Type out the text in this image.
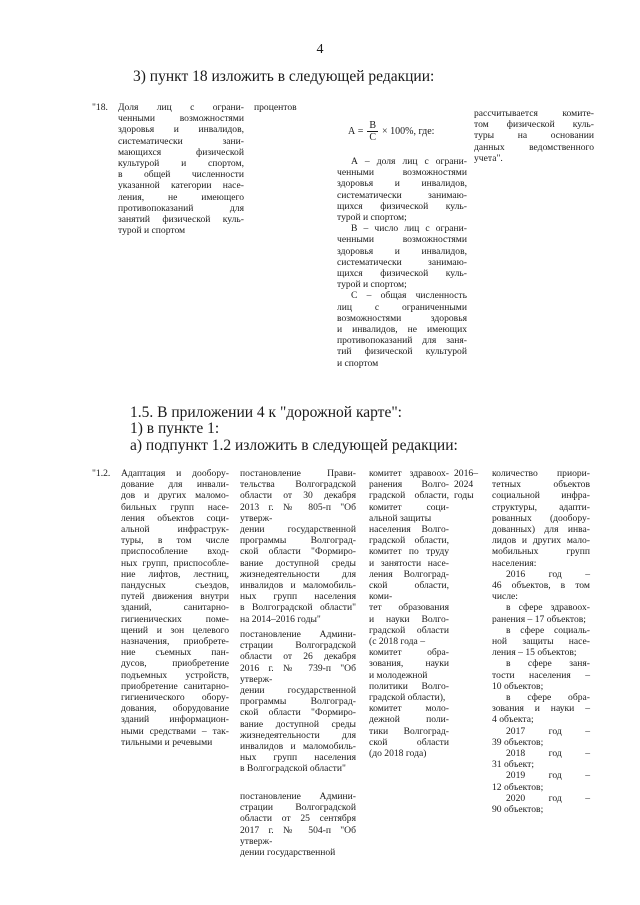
4
3) пункт 18 изложить в следующей редакции:
"18. Доля лиц с ограни-
ченными возможностями
здоровья и инвалидов,
систематически зани-
мающихся физической
культурой и спортом,
в общей численности
указанной категории насе-
ления, не имеющего
противопоказаний для
занятий физической куль-
турой и спортом
процентов
$А = \frac{В}{С} \times 100\%$, где:
А – доля лиц с ограни-
ченными возможностями
здоровья и инвалидов,
систематически занимаю-
щихся физической куль-
турой и спортом;
В – число лиц с ограни-
ченными возможностями
здоровья и инвалидов,
систематически занимаю-
щихся физической куль-
турой и спортом;
С – общая численность
лиц с ограниченными
возможностями здоровья
и инвалидов, не имеющих
противопоказаний для заня-
тий физической культурой
и спортом
рассчитывается комите-
том физической куль-
туры на основании
данных ведомственного
учета".
1.5. В приложении 4 к "дорожной карте":
1) в пункте 1:
а) подпункт 1.2 изложить в следующей редакции:
"1.2. Адаптация и дообору-
дование для инвали-
дов и других маломо-
бильных групп насе-
ления объектов соци-
альной инфраструк-
туры, в том числе
приспособление вход-
ных групп, приспособле-
ние лифтов, лестниц,
пандусных съездов,
путей движения внутри
зданий, санитарно-
гигиенических поме-
щений и зон целевого
назначения, приобрете-
ние съемных пан-
дусов, приобретение
подъемных устройств,
приобретение санитарно-
гигиенического обору-
дования, оборудование
зданий информацион-
ными средствами – так-
тильными и речевыми
постановление Прави-
тельства Волгоградской
области от 30 декабря
2013 г. № 805-п "Об утверж-
дении государственной
программы Волгоград-
ской области "Формиро-
вание доступной среды
жизнедеятельности для
инвалидов и маломобиль-
ных групп населения
в Волгоградской области"
на 2014–2016 годы"
постановление Админи-
страции Волгоградской
области от 26 декабря
2016 г. № 739-п "Об утверж-
дении государственной
программы Волгоград-
ской области "Формиро-
вание доступной среды
жизнедеятельности для
инвалидов и маломобиль-
ных групп населения
в Волгоградской области"
постановление Админи-
страции Волгоградской
области от 25 сентября
2017 г. № 504-п "Об утверж-
дении государственной
комитет здравоох-
ранения Волго-
градской области,
комитет соци-
альной защиты
населения Волго-
градской области,
комитет по труду
и занятости насе-
ления Волгоград-
ской области, коми-
тет образования
и науки Волго-
градской области
(с 2018 года –
комитет обра-
зования, науки
и молодежной
политики Волго-
градской области),
комитет моло-
дежной поли-
тики Волгоград-
ской области
(до 2018 года)
2016–
2024
годы
количество приори-
тетных объектов
социальной инфра-
структуры, адапти-
рованных (дообору-
дованных) для инва-
лидов и других мало-
мобильных групп
населения:
2016 год –
46 объектов, в том
числе:
в сфере здравоох-
ранения – 17 объектов;
в сфере социаль-
ной защиты насе-
ления – 15 объектов;
в сфере заня-
тости населения –
10 объектов;
в сфере обра-
зования и науки –
4 объекта;
2017 год –
39 объектов;
2018 год –
31 объект;
2019 год –
12 объектов;
2020 год –
90 объектов;
